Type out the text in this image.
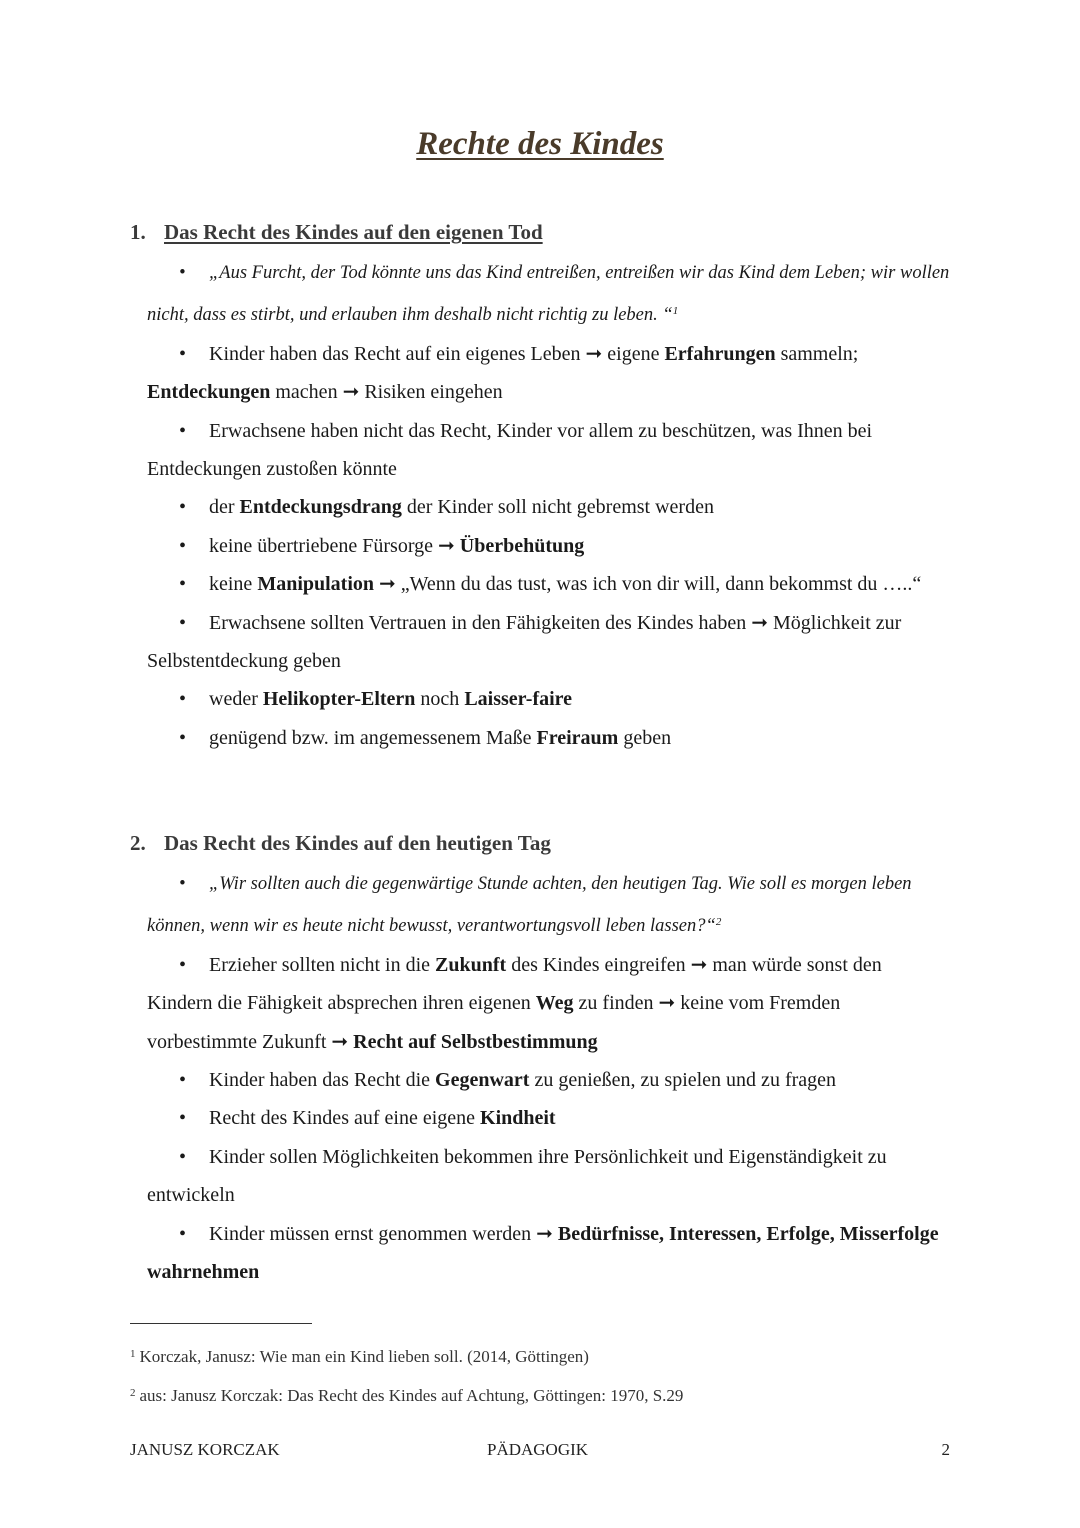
Rechte des Kindes
1. Das Recht des Kindes auf den eigenen Tod

• „Aus Furcht, der Tod könnte uns das Kind entreißen, entreißen wir das Kind dem Leben; wir wollen nicht, dass es stirbt, und erlauben ihm deshalb nicht richtig zu leben. “$^1$

• Kinder haben das Recht auf ein eigenes Leben ➞ eigene Erfahrungen sammeln; Entdeckungen machen ➞ Risiken eingehen

• Erwachsene haben nicht das Recht, Kinder vor allem zu beschützen, was Ihnen bei Entdeckungen zustoßen könnte

• der Entdeckungsdrang der Kinder soll nicht gebremst werden

• keine übertriebene Fürsorge ➞ Überbehütung

• keine Manipulation ➞ „Wenn du das tust, was ich von dir will, dann bekommst du …..“

• Erwachsene sollten Vertrauen in den Fähigkeiten des Kindes haben ➞ Möglichkeit zur Selbstentdeckung geben

• weder Helikopter-Eltern noch Laisser-faire

• genügend bzw. im angemessenem Maße Freiraum geben

2. Das Recht des Kindes auf den heutigen Tag

• „Wir sollten auch die gegenwärtige Stunde achten, den heutigen Tag. Wie soll es morgen leben können, wenn wir es heute nicht bewusst, verantwortungsvoll leben lassen?“$^2$

• Erzieher sollten nicht in die Zukunft des Kindes eingreifen ➞ man würde sonst den Kindern die Fähigkeit absprechen ihren eigenen Weg zu finden ➞ keine vom Fremden vorbestimmte Zukunft ➞ Recht auf Selbstbestimmung

• Kinder haben das Recht die Gegenwart zu genießen, zu spielen und zu fragen

• Recht des Kindes auf eine eigene Kindheit

• Kinder sollen Möglichkeiten bekommen ihre Persönlichkeit und Eigenständigkeit zu entwickeln

• Kinder müssen ernst genommen werden ➞ Bedürfnisse, Interessen, Erfolge, Misserfolge wahrnehmen

$^1$ Korczak, Janusz: Wie man ein Kind lieben soll. (2014, Göttingen)

$^2$ aus: Janusz Korczak: Das Recht des Kindes auf Achtung, Göttingen: 1970, S.29

JANUSZ KORCZAK	PÄDAGOGIK	2
